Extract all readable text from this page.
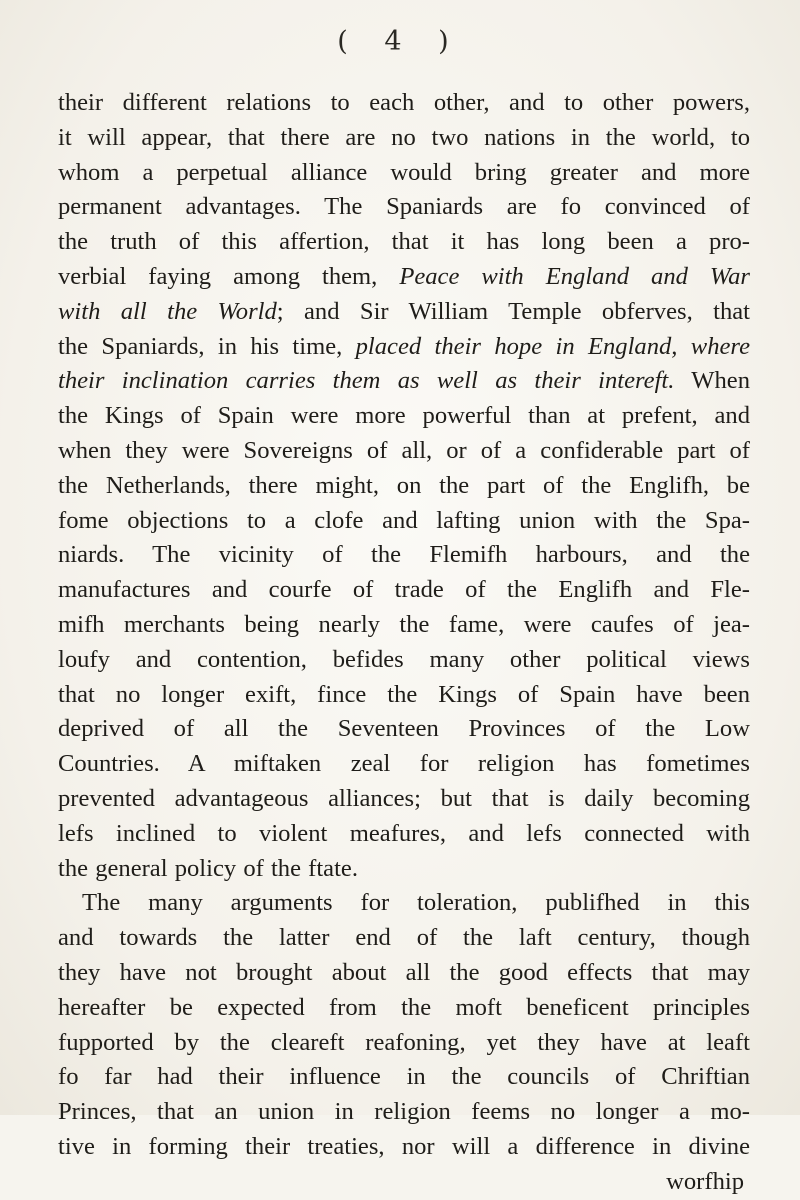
( 4 )
their different relations to each other, and to other powers,
it will appear, that there are no two nations in the world, to
whom a perpetual alliance would bring greater and more
permanent advantages. The Spaniards are fo convinced of
the truth of this affertion, that it has long been a pro-
verbial faying among them, Peace with England and War
with all the World; and Sir William Temple obferves, that
the Spaniards, in his time, placed their hope in England, where
their inclination carries them as well as their intereft. When
the Kings of Spain were more powerful than at prefent, and
when they were Sovereigns of all, or of a confiderable part of
the Netherlands, there might, on the part of the Englifh, be
fome objections to a clofe and lafting union with the Spa-
niards. The vicinity of the Flemifh harbours, and the
manufactures and courfe of trade of the Englifh and Fle-
mifh merchants being nearly the fame, were caufes of jea-
loufy and contention, befides many other political views
that no longer exift, fince the Kings of Spain have been
deprived of all the Seventeen Provinces of the Low
Countries. A miftaken zeal for religion has fometimes
prevented advantageous alliances; but that is daily becoming
lefs inclined to violent meafures, and lefs connected with
the general policy of the ftate.
The many arguments for toleration, publifhed in this
and towards the latter end of the laft century, though
they have not brought about all the good effects that may
hereafter be expected from the moft beneficent principles
fupported by the cleareft reafoning, yet they have at leaft
fo far had their influence in the councils of Chriftian
Princes, that an union in religion feems no longer a mo-
tive in forming their treaties, nor will a difference in divine
worfhip
